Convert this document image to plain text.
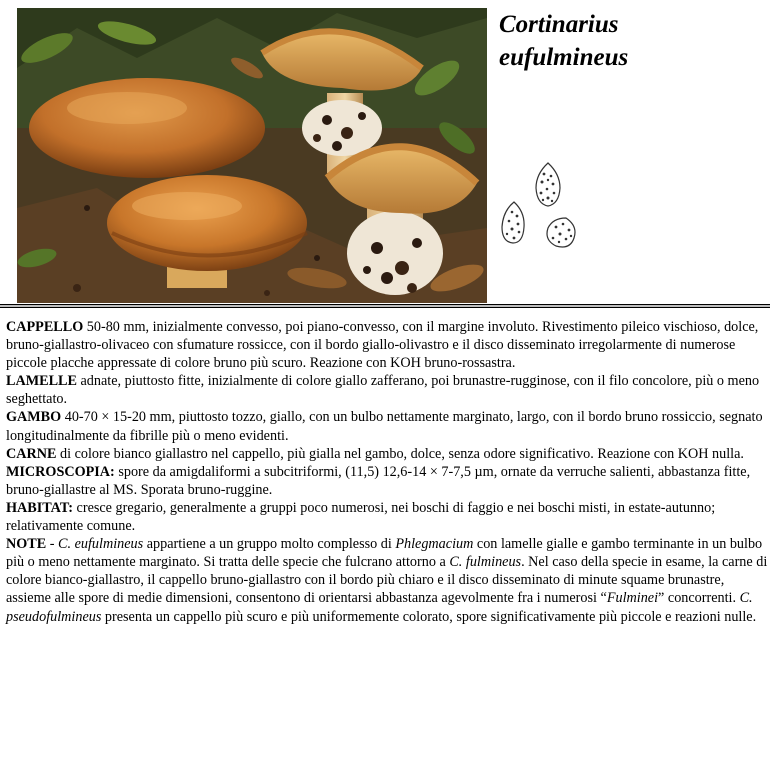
Cortinarius
eufulmineus

CAPPELLO 50-80 mm, inizialmente convesso, poi piano-convesso, con il margine involuto. Rivestimento pileico vischioso, dolce, bruno-giallastro-olivaceo con sfumature rossicce, con il bordo giallo-olivastro e il disco disseminato irregolarmente di numerose piccole placche appressate di colore bruno più scuro. Reazione con KOH bruno-rossastra.

LAMELLE adnate, piuttosto fitte, inizialmente di colore giallo zafferano, poi brunastre-rugginose, con il filo concolore, più o meno seghettato.

GAMBO 40-70 × 15-20 mm, piuttosto tozzo, giallo, con un bulbo nettamente marginato, largo, con il bordo bruno rossiccio, segnato longitudinalmente da fibrille più o meno evidenti.

CARNE di colore bianco giallastro nel cappello, più gialla nel gambo, dolce, senza odore significativo. Reazione con KOH nulla.

MICROSCOPIA: spore da amigdaliformi a subcitriformi, (11,5) 12,6-14 × 7-7,5 µm, ornate da verruche salienti, abbastanza fitte, bruno-giallastre al MS. Sporata bruno-ruggine.

HABITAT: cresce gregario, generalmente a gruppi poco numerosi, nei boschi di faggio e nei boschi misti, in estate-autunno; relativamente comune.

NOTE - C. eufulmineus appartiene a un gruppo molto complesso di Phlegmacium con lamelle gialle e gambo terminante in un bulbo più o meno nettamente marginato. Si tratta delle specie che fulcrano attorno a C. fulmineus. Nel caso della specie in esame, la carne di colore bianco-giallastro, il cappello bruno-giallastro con il bordo più chiaro e il disco disseminato di minute squame brunastre, assieme alle spore di medie dimensioni, consentono di orientarsi abbastanza agevolmente fra i numerosi “Fulminei” concorrenti. C. pseudofulmineus presenta un cappello più scuro e più uniformemente colorato, spore significativamente più piccole e reazioni nulle.
